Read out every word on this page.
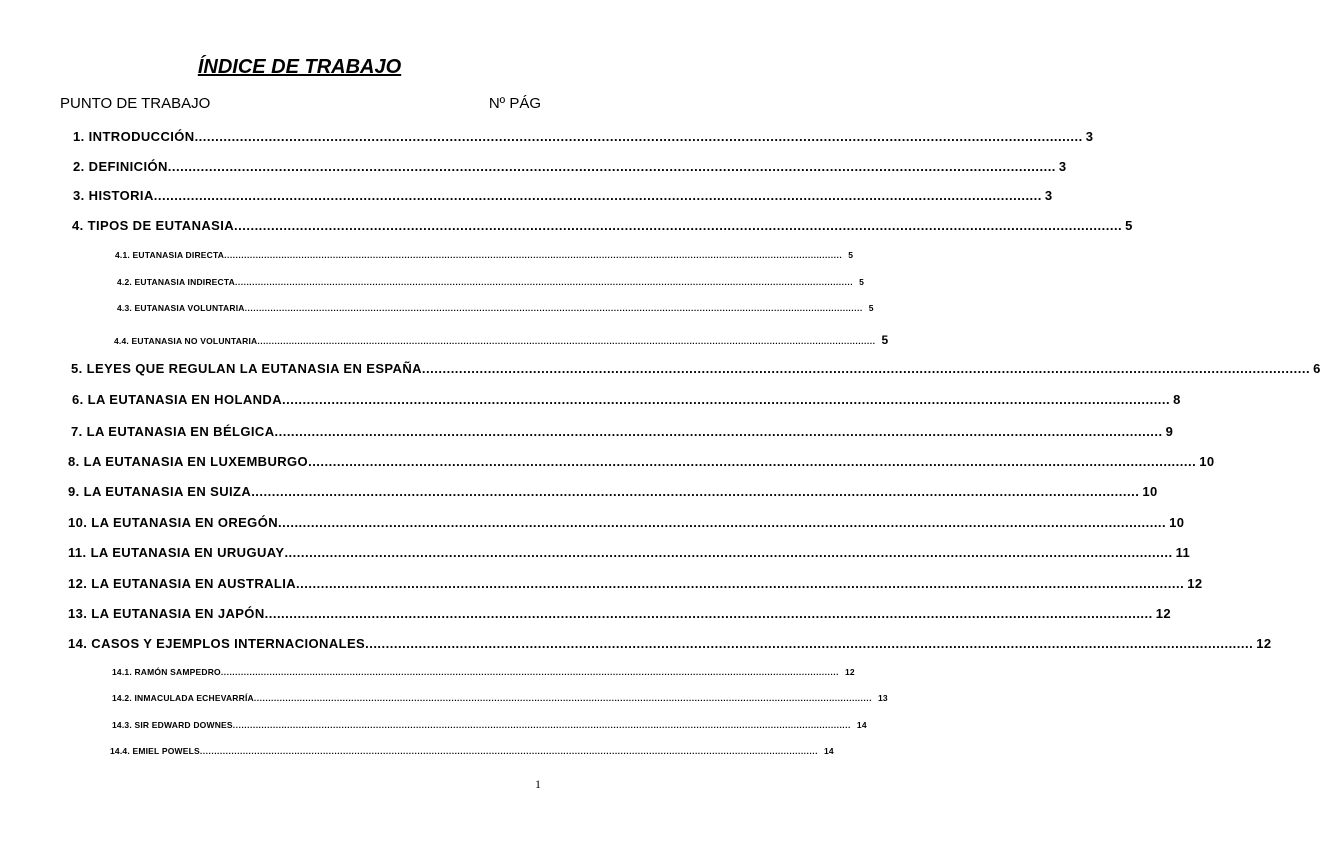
ÍNDICE DE TRABAJO
PUNTO DE TRABAJO	Nº PÁG
1. INTRODUCCIÓN ........................................................................................................................................................................................................................ 3
2. DEFINICIÓN ........................................................................................................................................................................................................................ 3
3. HISTORIA ........................................................................................................................................................................................................................ 3
4. TIPOS DE EUTANASIA ........................................................................................................................................................................................................................ 5
4.1. EUTANASIA DIRECTA ........................................................................................................................................................................................................................ 5
4.2. EUTANASIA INDIRECTA ........................................................................................................................................................................................................................ 5
4.3. EUTANASIA VOLUNTARIA ........................................................................................................................................................................................................................ 5
4.4. EUTANASIA NO VOLUNTARIA ........................................................................................................................................................................................................................ 5
5. LEYES QUE REGULAN LA EUTANASIA EN ESPAÑA ........................................................................................................................................................................................................................ 6
6. LA EUTANASIA EN HOLANDA ........................................................................................................................................................................................................................ 8
7. LA EUTANASIA EN BÉLGICA ........................................................................................................................................................................................................................ 9
8. LA EUTANASIA EN LUXEMBURGO ........................................................................................................................................................................................................................ 10
9. LA EUTANASIA EN SUIZA ........................................................................................................................................................................................................................ 10
10. LA EUTANASIA EN OREGÓN ........................................................................................................................................................................................................................ 10
11. LA EUTANASIA EN URUGUAY ........................................................................................................................................................................................................................ 11
12. LA EUTANASIA EN AUSTRALIA ........................................................................................................................................................................................................................ 12
13. LA EUTANASIA EN JAPÓN ........................................................................................................................................................................................................................ 12
14. CASOS Y EJEMPLOS INTERNACIONALES ........................................................................................................................................................................................................................ 12
14.1. RAMÓN SAMPEDRO ........................................................................................................................................................................................................................ 12
14.2. INMACULADA ECHEVARRÍA ........................................................................................................................................................................................................................ 13
14.3. SIR EDWARD DOWNES ........................................................................................................................................................................................................................ 14
14.4. EMIEL POWELS ........................................................................................................................................................................................................................ 14
1
